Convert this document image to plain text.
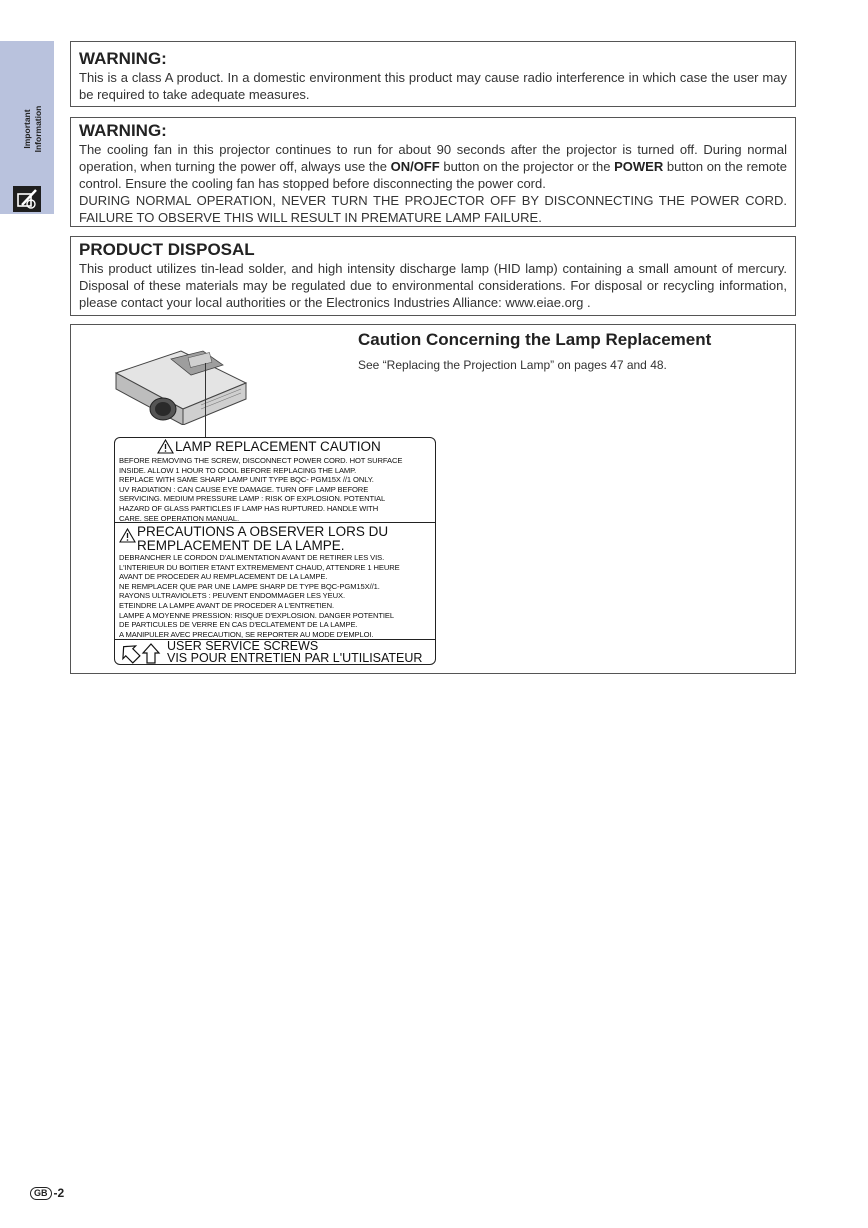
Important Information
WARNING:

This is a class A product. In a domestic environment this product may cause radio interference in which case the user may be required to take adequate measures.

WARNING:

The cooling fan in this projector continues to run for about 90 seconds after the projector is turned off. During normal operation, when turning the power off, always use the ON/OFF button on the projector or the POWER button on the remote control. Ensure the cooling fan has stopped before disconnecting the power cord.

DURING NORMAL OPERATION, NEVER TURN THE PROJECTOR OFF BY DISCONNECTING THE POWER CORD. FAILURE TO OBSERVE THIS WILL RESULT IN PREMATURE LAMP FAILURE.

PRODUCT DISPOSAL

This product utilizes tin-lead solder, and high intensity discharge lamp (HID lamp) containing a small amount of mercury. Disposal of these materials may be regulated due to environmental considerations. For disposal or recycling information, please contact your local authorities or the Electronics Industries Alliance: www.eiae.org .

Caution Concerning the Lamp Replacement
See “Replacing the Projection Lamp” on pages 47 and 48.
LAMP REPLACEMENT CAUTION
BEFORE REMOVING THE SCREW, DISCONNECT POWER CORD. HOT SURFACE
INSIDE. ALLOW 1 HOUR TO COOL BEFORE REPLACING THE LAMP.
REPLACE WITH SAME SHARP LAMP UNIT TYPE BQC- PGM15X //1 ONLY.
UV RADIATION : CAN CAUSE EYE DAMAGE. TURN OFF LAMP BEFORE
SERVICING. MEDIUM PRESSURE LAMP : RISK OF EXPLOSION. POTENTIAL
HAZARD OF GLASS PARTICLES IF LAMP HAS RUPTURED. HANDLE WITH
CARE. SEE OPERATION MANUAL.
PRECAUTIONS A OBSERVER LORS DU
REMPLACEMENT DE LA LAMPE.
DEBRANCHER LE CORDON D'ALIMENTATION AVANT DE RETIRER LES VIS.
L'INTERIEUR DU BOITIER ETANT EXTREMEMENT CHAUD, ATTENDRE 1 HEURE
AVANT DE PROCEDER AU REMPLACEMENT DE LA LAMPE.
NE REMPLACER QUE PAR UNE LAMPE SHARP DE TYPE BQC-PGM15X//1.
RAYONS ULTRAVIOLETS : PEUVENT ENDOMMAGER LES YEUX.
ETEINDRE LA LAMPE AVANT DE PROCEDER A L'ENTRETIEN.
LAMPE A MOYENNE PRESSION: RISQUE D'EXPLOSION. DANGER POTENTIEL
DE PARTICULES DE VERRE EN CAS D'ECLATEMENT DE LA LAMPE.
A MANIPULER AVEC PRECAUTION, SE REPORTER AU MODE D'EMPLOI.
USER SERVICE SCREWS
VIS POUR ENTRETIEN PAR L'UTILISATEUR
GB -2
